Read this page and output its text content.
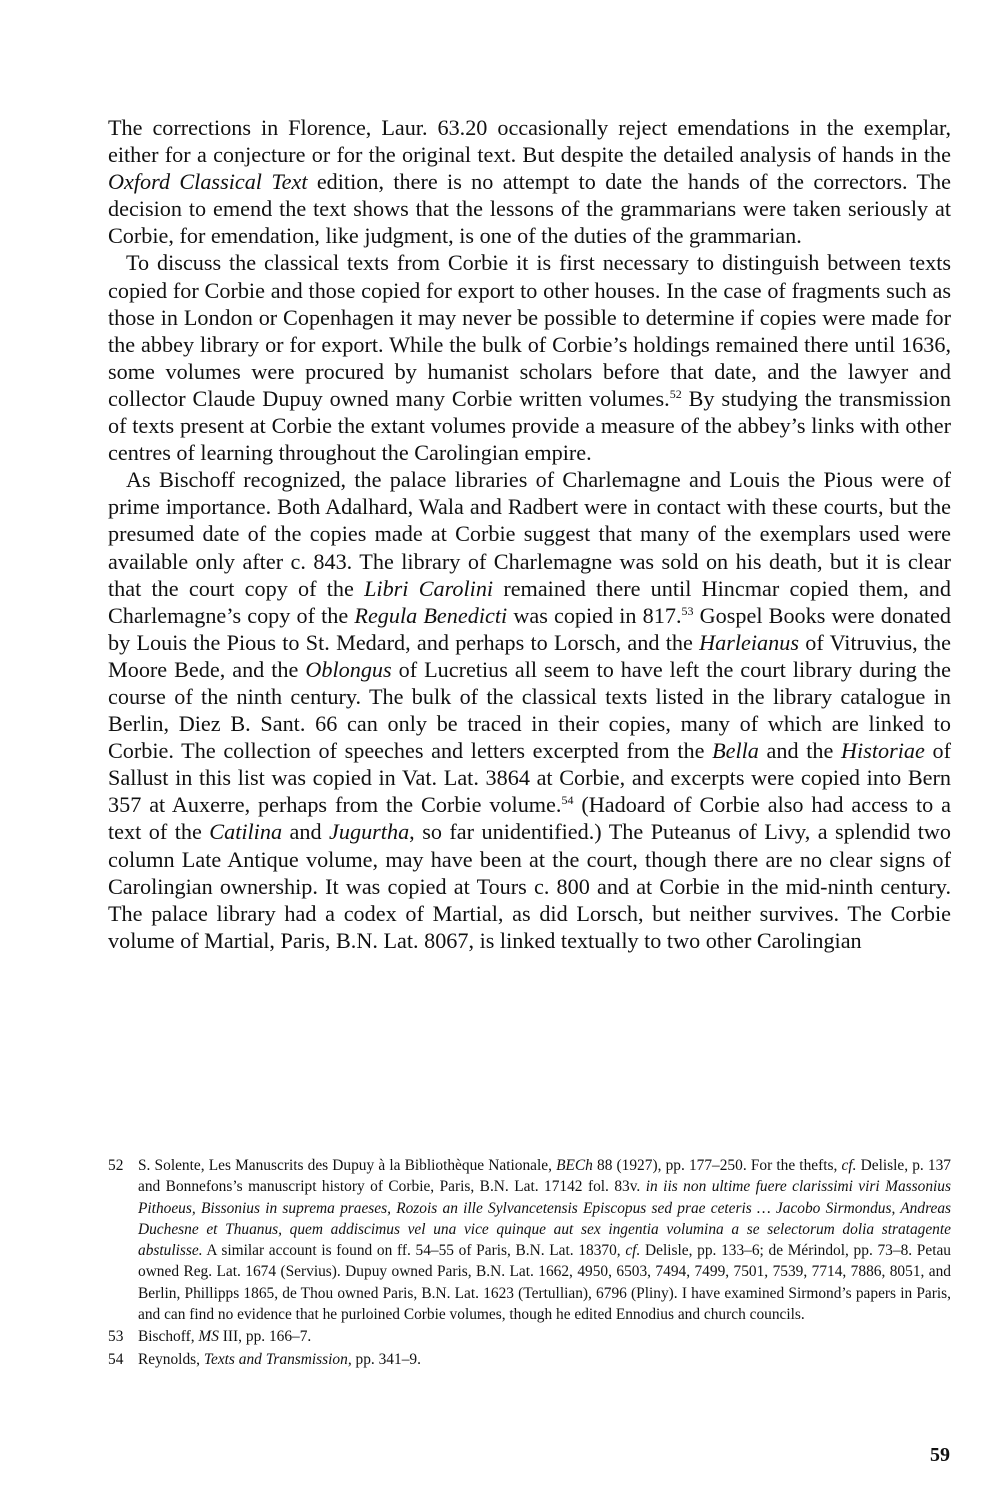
The corrections in Florence, Laur. 63.20 occasionally reject emendations in the exemplar, either for a conjecture or for the original text. But despite the detailed analysis of hands in the Oxford Classical Text edition, there is no attempt to date the hands of the correctors. The decision to emend the text shows that the lessons of the grammarians were taken seriously at Corbie, for emendation, like judgment, is one of the duties of the grammarian.

To discuss the classical texts from Corbie it is first necessary to distinguish between texts copied for Corbie and those copied for export to other houses. In the case of fragments such as those in London or Copenhagen it may never be possible to determine if copies were made for the abbey library or for export. While the bulk of Corbie’s holdings remained there until 1636, some volumes were procured by humanist scholars before that date, and the lawyer and collector Claude Dupuy owned many Corbie written volumes.$^{52}$ By studying the transmission of texts present at Corbie the extant volumes provide a measure of the abbey’s links with other centres of learning throughout the Carolingian empire.

As Bischoff recognized, the palace libraries of Charlemagne and Louis the Pious were of prime importance. Both Adalhard, Wala and Radbert were in contact with these courts, but the presumed date of the copies made at Corbie suggest that many of the exemplars used were available only after c. 843. The library of Charlemagne was sold on his death, but it is clear that the court copy of the Libri Carolini remained there until Hincmar copied them, and Charlemagne’s copy of the Regula Benedicti was copied in 817.53 Gospel Books were donated by Louis the Pious to St. Medard, and perhaps to Lorsch, and the Harleianus of Vitruvius, the Moore Bede, and the Oblongus of Lucretius all seem to have left the court library during the course of the ninth century. The bulk of the classical texts listed in the library catalogue in Berlin, Diez B. Sant. 66 can only be traced in their copies, many of which are linked to Corbie. The collection of speeches and letters excerpted from the Bella and the Historiae of Sallust in this list was copied in Vat. Lat. 3864 at Corbie, and excerpts were copied into Bern 357 at Auxerre, perhaps from the Corbie volume.$^{54}$ (Hadoard of Corbie also had access to a text of the Catilina and Jugurtha, so far unidentified.) The Puteanus of Livy, a splendid two column Late Antique volume, may have been at the court, though there are no clear signs of Carolingian ownership. It was copied at Tours c. 800 and at Corbie in the mid-ninth century. The palace library had a codex of Martial, as did Lorsch, but neither survives. The Corbie volume of Martial, Paris, B.N. Lat. 8067, is linked textually to two other Carolingian

52 S. Solente, Les Manuscrits des Dupuy à la Bibliothèque Nationale, BECh 88 (1927), pp. 177–250. For the thefts, cf. Delisle, p. 137 and Bonnefons’s manuscript history of Corbie, Paris, B.N. Lat. 17142 fol. 83v. in iis non ultime fuere clarissimi viri Massonius Pithoeus, Bissonius in suprema praeses, Rozois an ille Sylvancetensis Episcopus sed prae ceteris … Jacobo Sirmondus, Andreas Duchesne et Thuanus, quem addiscimus vel una vice quinque aut sex ingentia volumina a se selectorum dolia stratagente abstulisse. A similar account is found on ff. 54–55 of Paris, B.N. Lat. 18370, cf. Delisle, pp. 133–6; de Mérindol, pp. 73–8. Petau owned Reg. Lat. 1674 (Servius). Dupuy owned Paris, B.N. Lat. 1662, 4950, 6503, 7494, 7499, 7501, 7539, 7714, 7886, 8051, and Berlin, Phillipps 1865, de Thou owned Paris, B.N. Lat. 1623 (Tertullian), 6796 (Pliny). I have examined Sirmond’s papers in Paris, and can find no evidence that he purloined Corbie volumes, though he edited Ennodius and church councils.
53 Bischoff, MS III, pp. 166–7.
54 Reynolds, Texts and Transmission, pp. 341–9.
59
